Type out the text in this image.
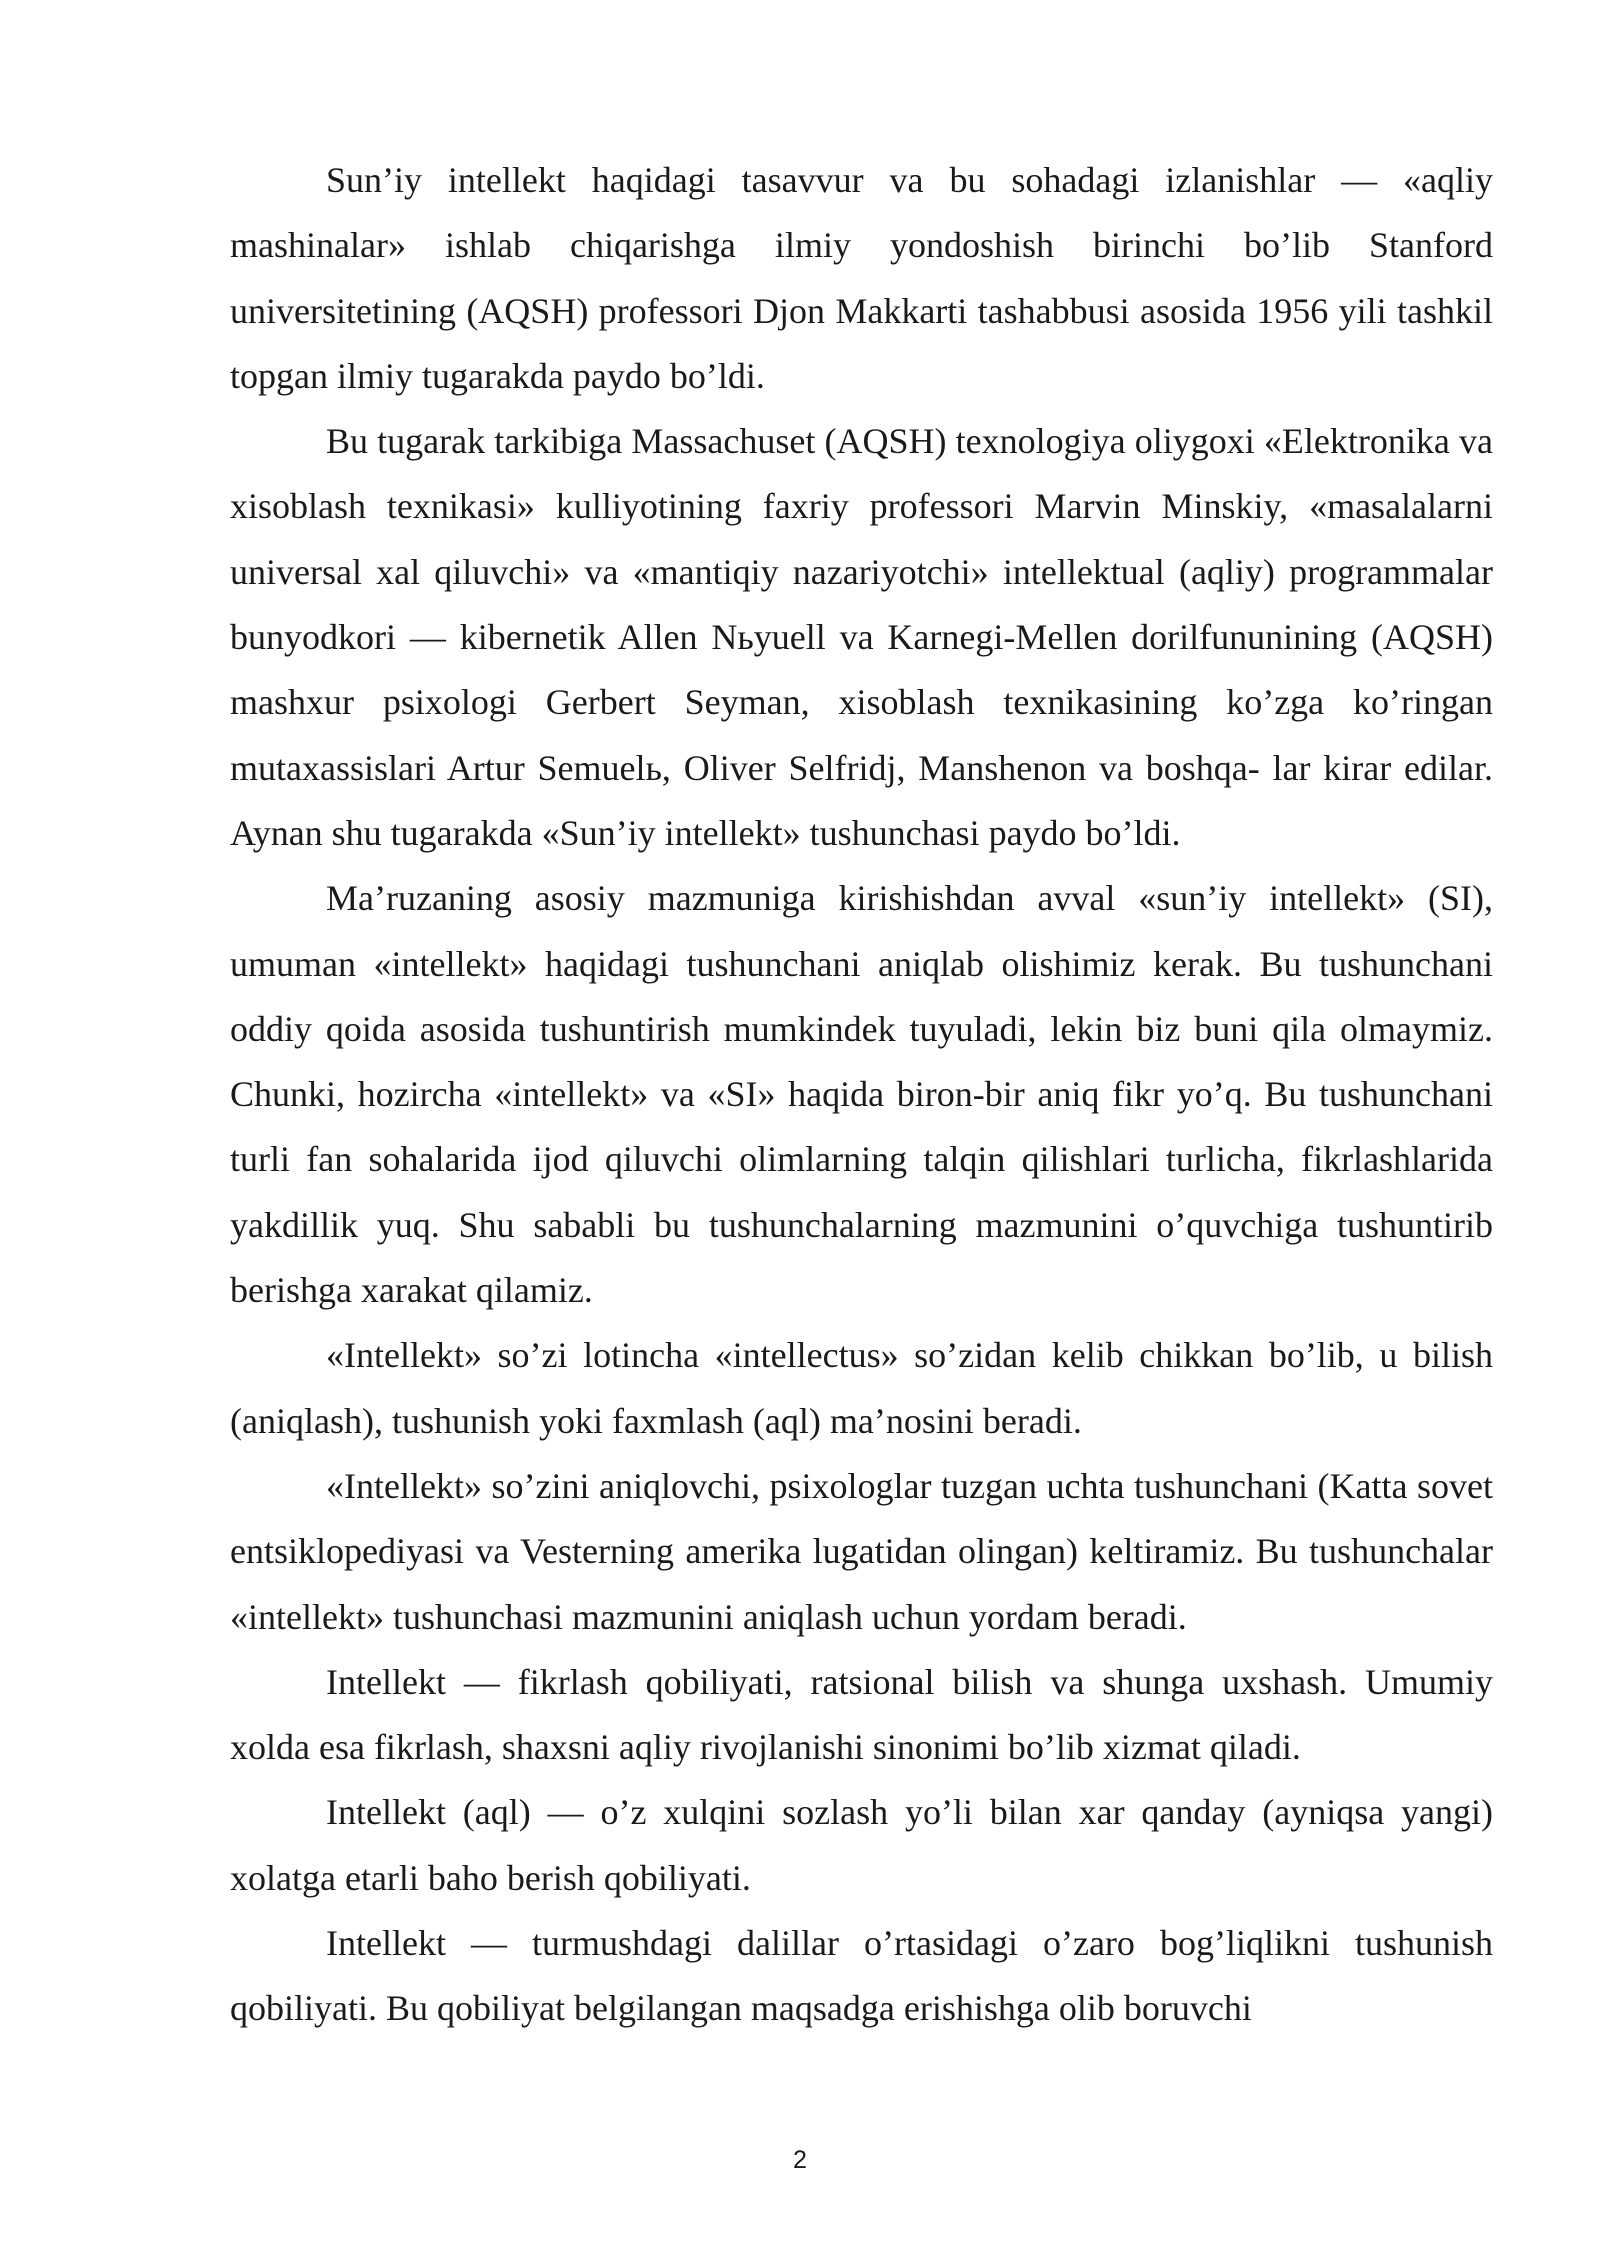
Sun’iy intellekt haqidagi tasavvur va bu sohadagi izlanishlar — «aqliy mashinalar» ishlab chiqarishga ilmiy yondoshish birinchi bo’lib Stanford universitetining (AQSH) professori Djon Makkarti tashabbusi asosida 1956 yili tashkil topgan ilmiy tugarakda paydo bo’ldi.

Bu tugarak tarkibiga Massachuset (AQSH) texnologiya oliygoxi «Elektronika va xisoblash texnikasi» kulliyotining faxriy professori Marvin Minskiy, «masalalarni universal xal qiluvchi» va «mantiqiy nazariyotchi» intellektual (aqliy) programmalar bunyodkori — kibernetik Allen Nьyuell va Karnegi-Mellen dorilfununining (AQSH) mashxur psixologi Gerbert Seyman, xisoblash texnikasining ko’zga ko’ringan mutaxassislari Artur Semuelь, Oliver Selfridj, Manshenon va boshqa- lar kirar edilar. Aynan shu tugarakda «Sun’iy intellekt» tushunchasi paydo bo’ldi.

Ma’ruzaning asosiy mazmuniga kirishishdan avval «sun’iy intellekt» (SI), umuman «intellekt» haqidagi tushunchani aniqlab olishimiz kerak. Bu tushunchani oddiy qoida asosida tushuntirish mumkindek tuyuladi, lekin biz buni qila olmaymiz. Chunki, hozircha «intellekt» va «SI» haqida biron-bir aniq fikr yo’q. Bu tushunchani turli fan sohalarida ijod qiluvchi olimlarning talqin qilishlari turlicha, fikrlashlarida yakdillik yuq. Shu sababli bu tushunchalarning mazmunini o’quvchiga tushuntirib berishga xarakat qilamiz.

«Intellekt» so’zi lotincha «intellectus» so’zidan kelib chikkan bo’lib, u bilish (aniqlash), tushunish yoki faxmlash (aql) ma’nosini beradi.

«Intellekt» so’zini aniqlovchi, psixologlar tuzgan uchta tushunchani (Katta sovet entsiklopediyasi va Vesterning amerika lugatidan olingan) keltiramiz. Bu tushunchalar «intellekt» tushunchasi mazmunini aniqlash uchun yordam beradi.

Intellekt — fikrlash qobiliyati, ratsional bilish va shunga uxshash. Umumiy xolda esa fikrlash, shaxsni aqliy rivojlanishi sinonimi bo’lib xizmat qiladi.

Intellekt (aql) — o’z xulqini sozlash yo’li bilan xar qanday (ayniqsa yangi) xolatga etarli baho berish qobiliyati.

Intellekt — turmushdagi dalillar o’rtasidagi o’zaro bog’liqlikni tushunish qobiliyati. Bu qobiliyat belgilangan maqsadga erishishga olib boruvchi

2
